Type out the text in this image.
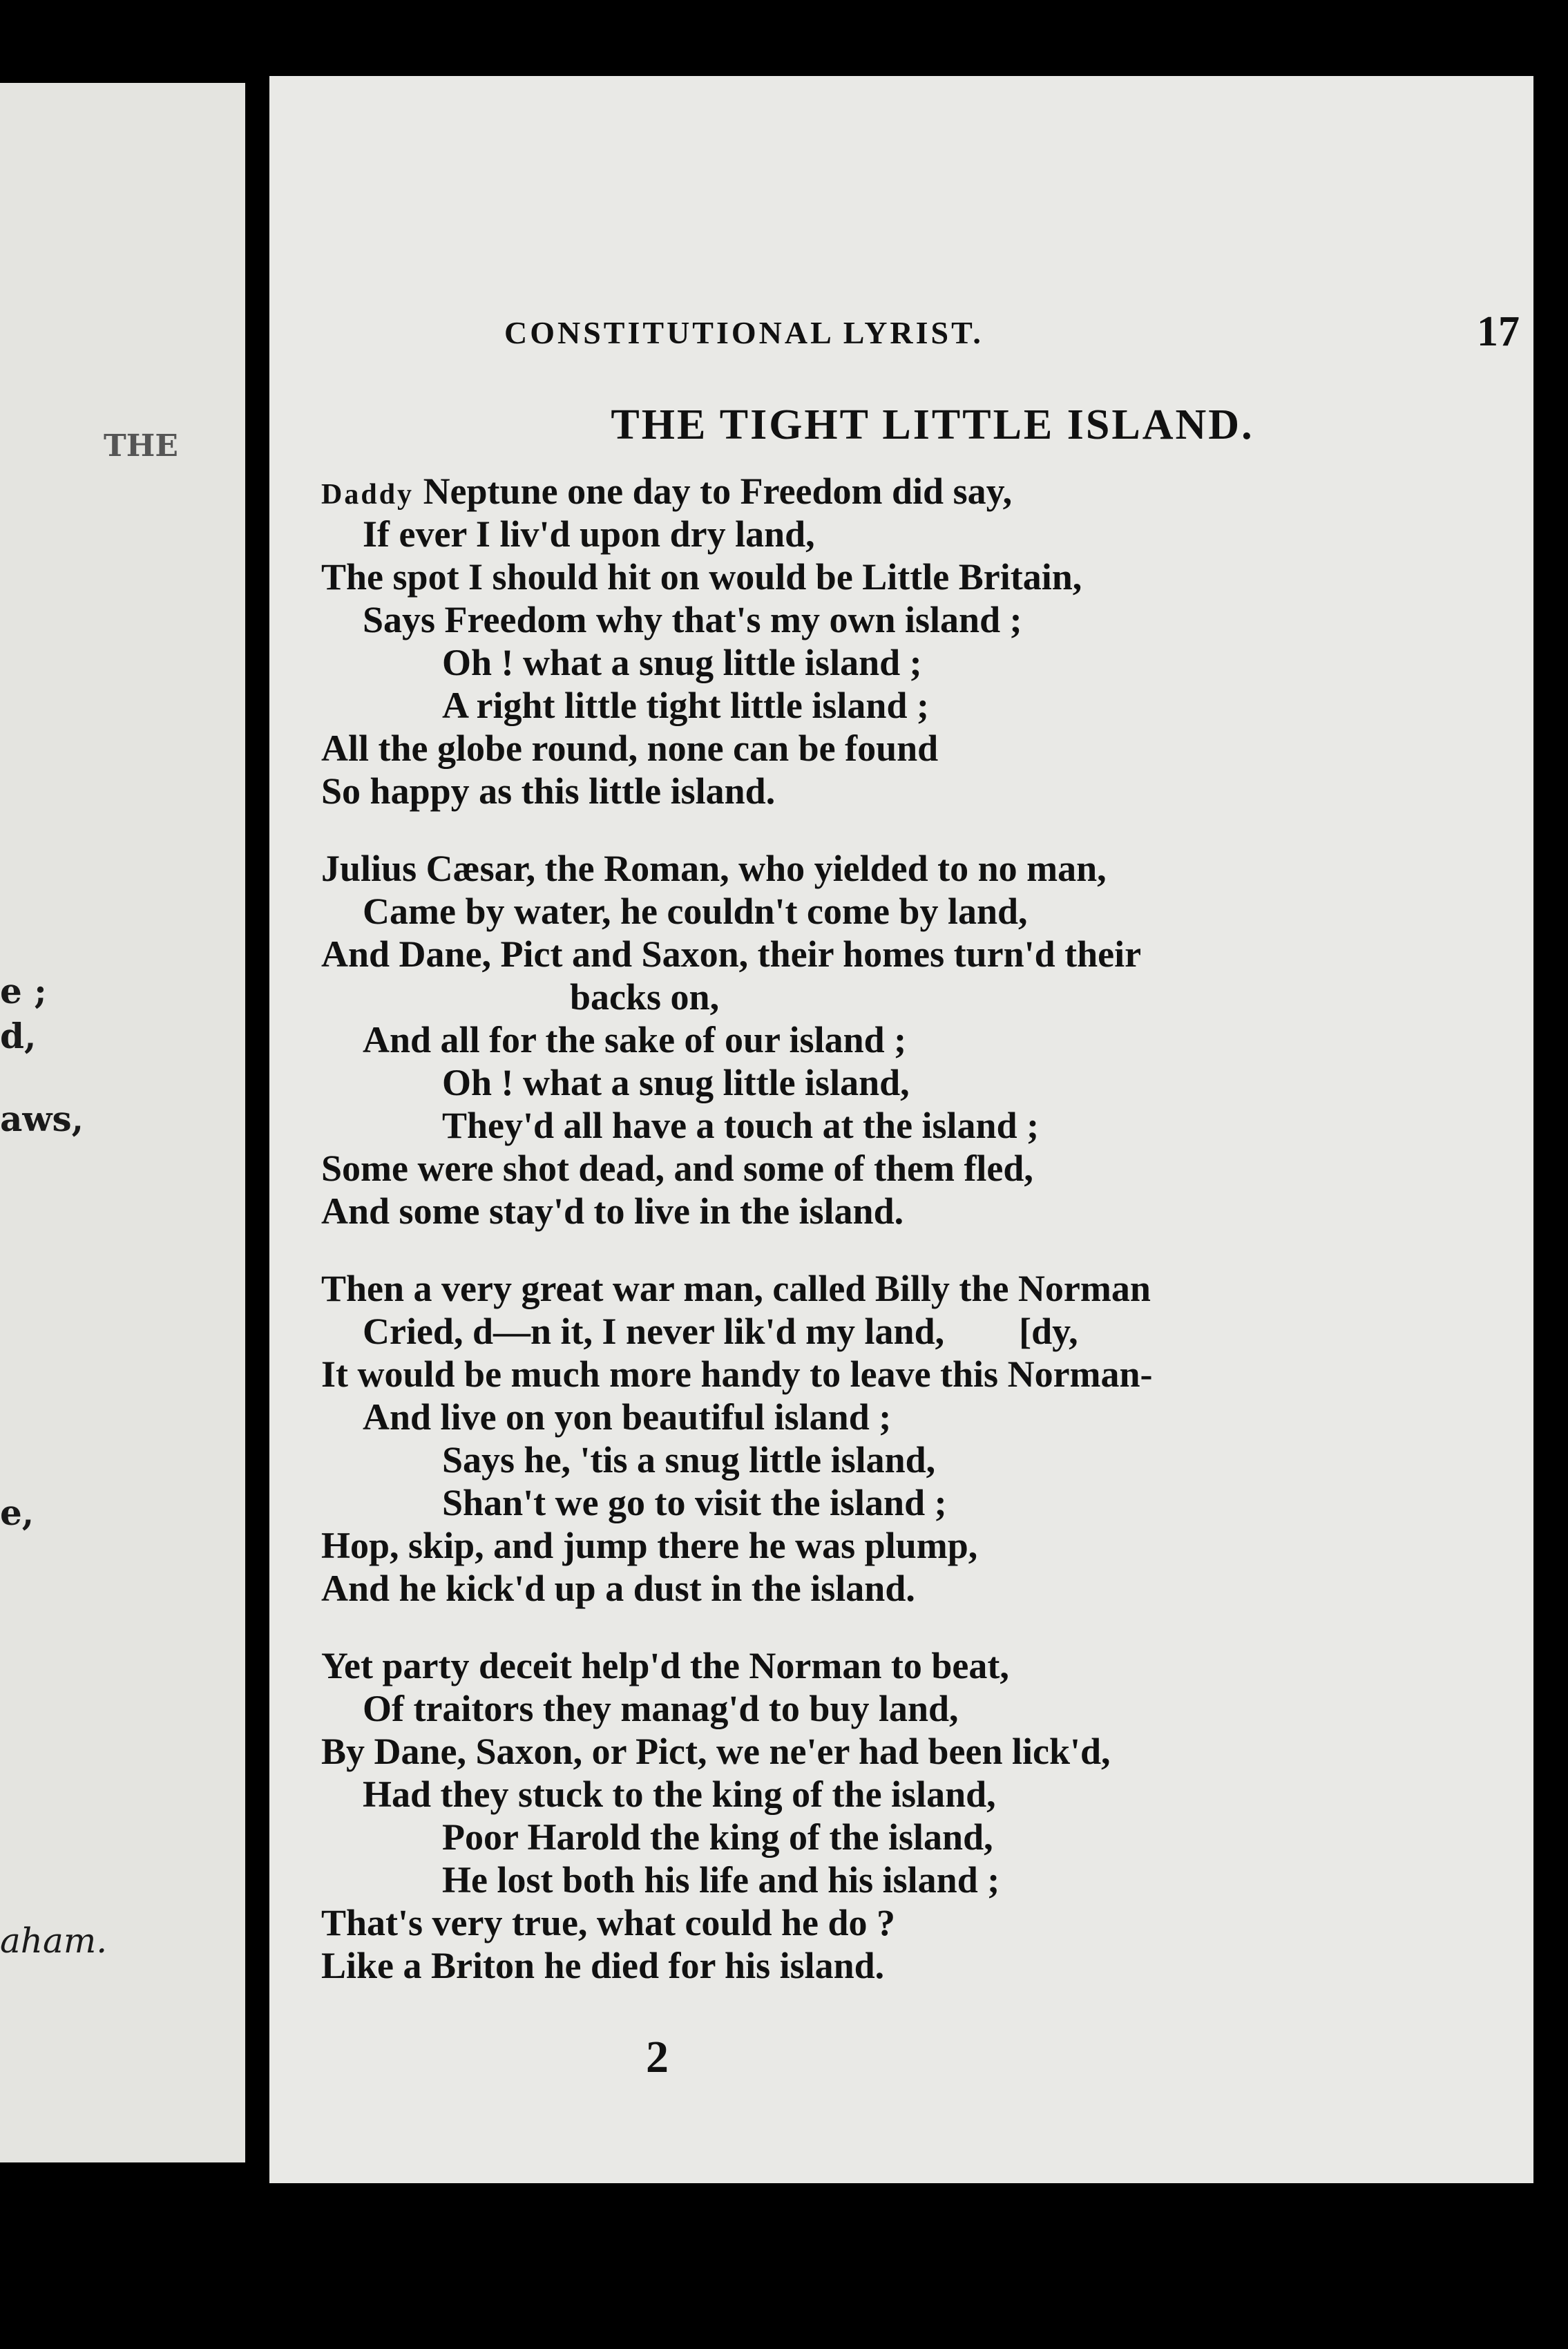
THE
e ;
d,
aws,
e,
aham.
CONSTITUTIONAL LYRIST.	17
THE TIGHT LITTLE ISLAND.
Daddy Neptune one day to Freedom did say,
If ever I liv'd upon dry land,
The spot I should hit on would be Little Britain,
Says Freedom why that's my own island ;
Oh ! what a snug little island ;
A right little tight little island ;
All the globe round, none can be found
So happy as this little island.
Julius Cæsar, the Roman, who yielded to no man,
Came by water, he couldn't come by land,
And Dane, Pict and Saxon, their homes turn'd their
backs on,
And all for the sake of our island ;
Oh ! what a snug little island,
They'd all have a touch at the island ;
Some were shot dead, and some of them fled,
And some stay'd to live in the island.
Then a very great war man, called Billy the Norman
Cried, d—n it, I never lik'd my land,        [dy,
It would be much more handy to leave this Norman-
And live on yon beautiful island ;
Says he, 'tis a snug little island,
Shan't we go to visit the island ;
Hop, skip, and jump there he was plump,
And he kick'd up a dust in the island.
Yet party deceit help'd the Norman to beat,
Of traitors they manag'd to buy land,
By Dane, Saxon, or Pict, we ne'er had been lick'd,
Had they stuck to the king of the island,
Poor Harold the king of the island,
He lost both his life and his island ;
That's very true, what could he do ?
Like a Briton he died for his island.
2
